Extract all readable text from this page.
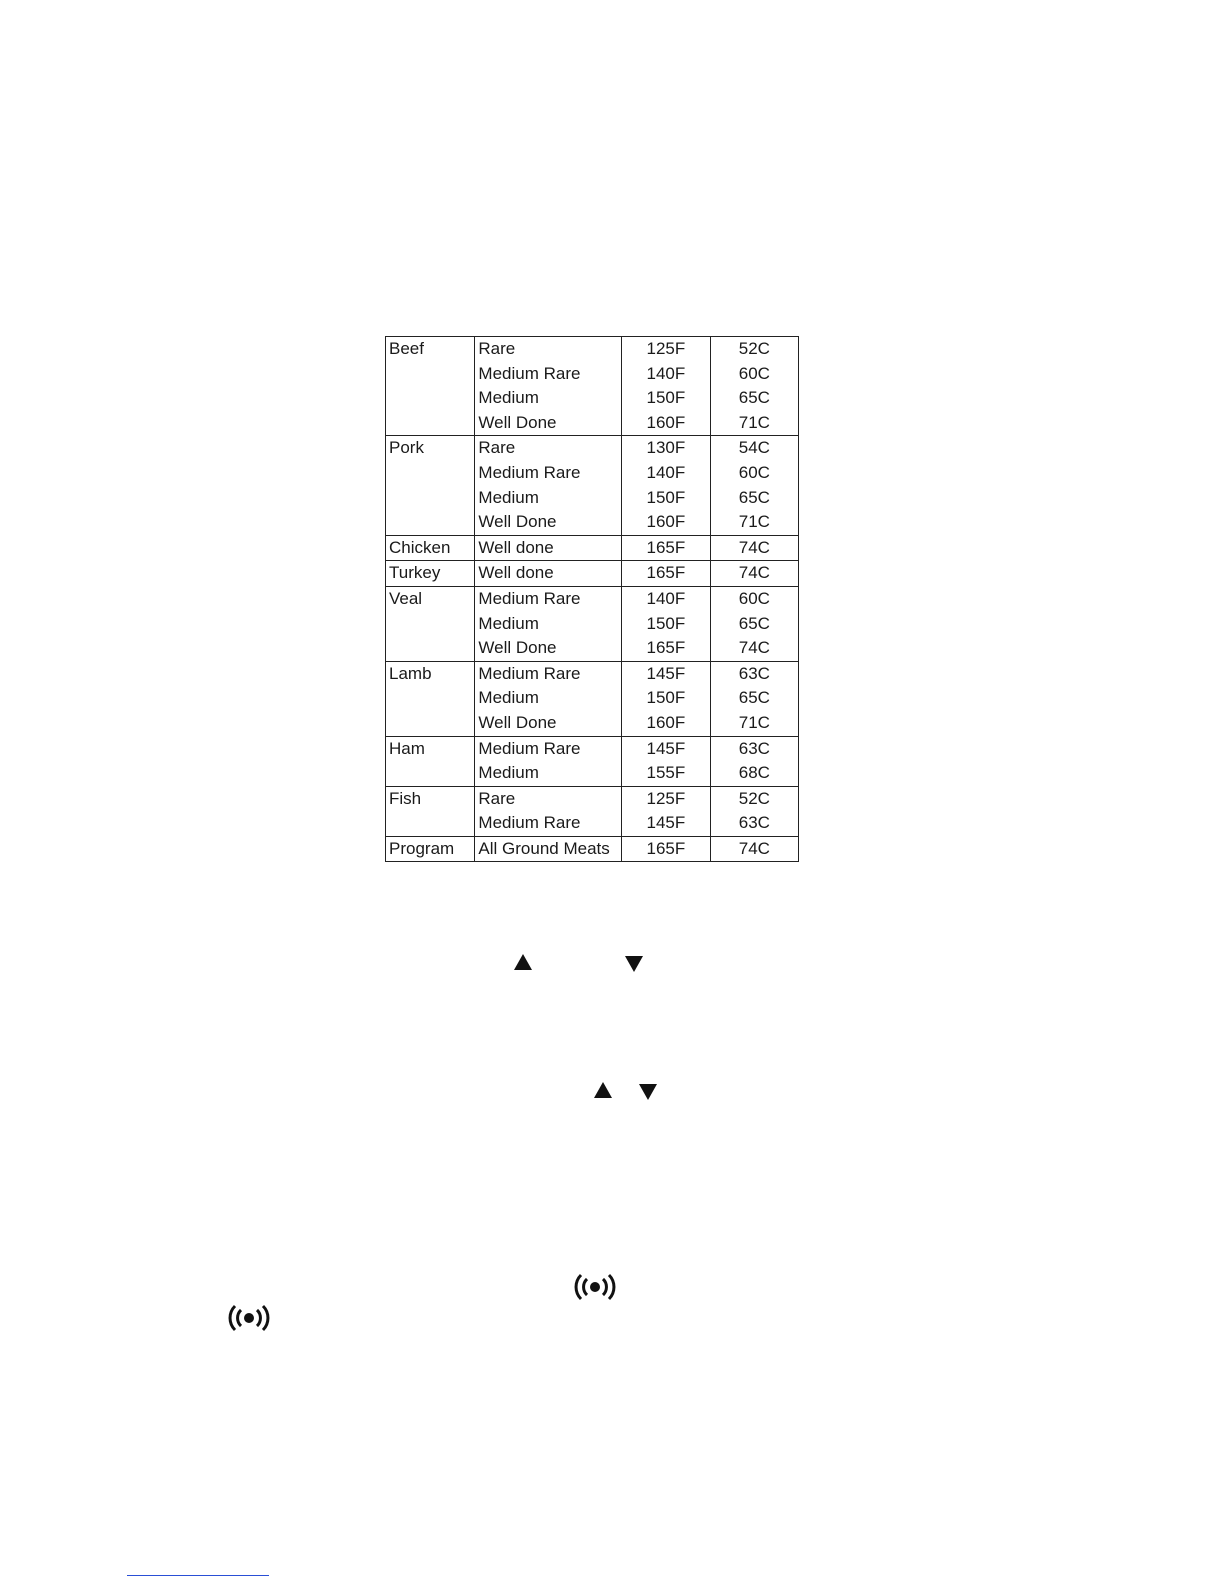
Beef	Rare	125F	52C
	Medium Rare	140F	60C
	Medium	150F	65C
	Well Done	160F	71C
Pork	Rare	130F	54C
	Medium Rare	140F	60C
	Medium	150F	65C
	Well Done	160F	71C
Chicken	Well done	165F	74C
Turkey	Well done	165F	74C
Veal	Medium Rare	140F	60C
	Medium	150F	65C
	Well Done	165F	74C
Lamb	Medium Rare	145F	63C
	Medium	150F	65C
	Well Done	160F	71C
Ham	Medium Rare	145F	63C
	Medium	155F	68C
Fish	Rare	125F	52C
	Medium Rare	145F	63C
Program	All Ground Meats	165F	74C
